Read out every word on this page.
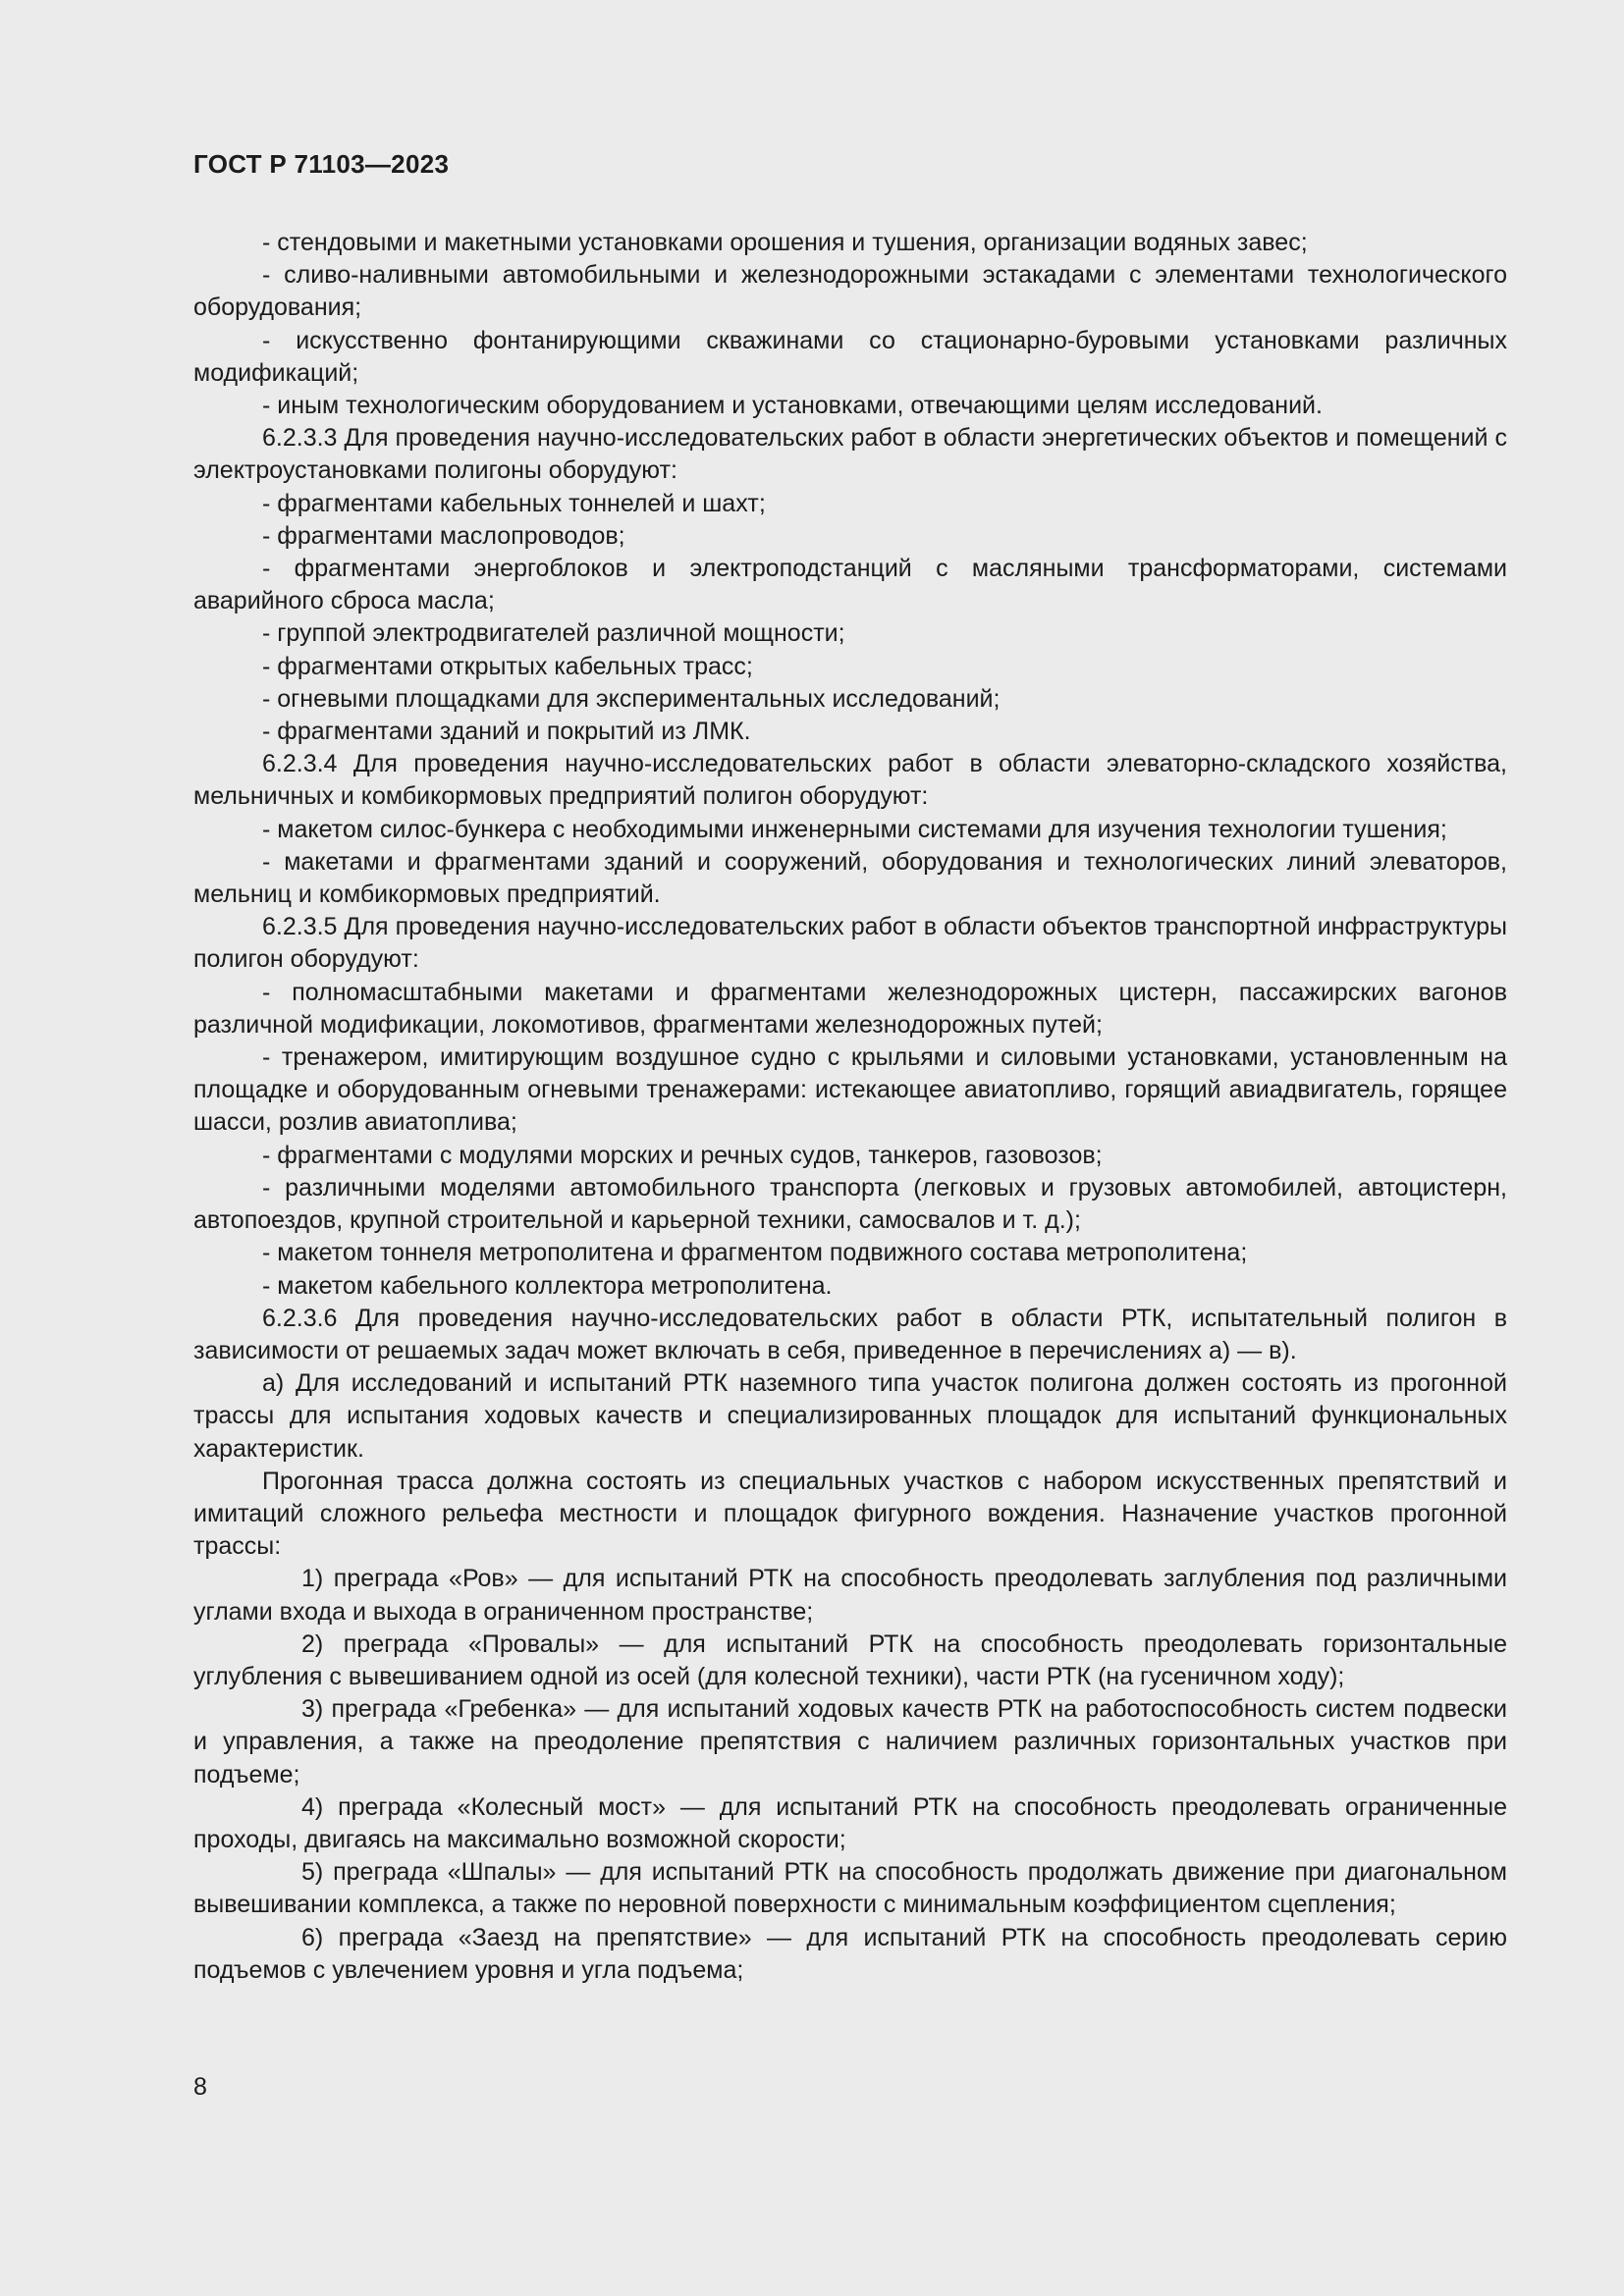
ГОСТ Р 71103—2023

- стендовыми и макетными установками орошения и тушения, организации водяных завес;

- сливо-наливными автомобильными и железнодорожными эстакадами с элементами технологического оборудования;

- искусственно фонтанирующими скважинами со стационарно-буровыми установками различных модификаций;

- иным технологическим оборудованием и установками, отвечающими целям исследований.

6.2.3.3 Для проведения научно-исследовательских работ в области энергетических объектов и помещений с электроустановками полигоны оборудуют:

- фрагментами кабельных тоннелей и шахт;

- фрагментами маслопроводов;

- фрагментами энергоблоков и электроподстанций с масляными трансформаторами, системами аварийного сброса масла;

- группой электродвигателей различной мощности;

- фрагментами открытых кабельных трасс;

- огневыми площадками для экспериментальных исследований;

- фрагментами зданий и покрытий из ЛМК.

6.2.3.4 Для проведения научно-исследовательских работ в области элеваторно-складского хозяйства, мельничных и комбикормовых предприятий полигон оборудуют:

- макетом силос-бункера с необходимыми инженерными системами для изучения технологии тушения;

- макетами и фрагментами зданий и сооружений, оборудования и технологических линий элеваторов, мельниц и комбикормовых предприятий.

6.2.3.5 Для проведения научно-исследовательских работ в области объектов транспортной инфраструктуры полигон оборудуют:

- полномасштабными макетами и фрагментами железнодорожных цистерн, пассажирских вагонов различной модификации, локомотивов, фрагментами железнодорожных путей;

- тренажером, имитирующим воздушное судно с крыльями и силовыми установками, установленным на площадке и оборудованным огневыми тренажерами: истекающее авиатопливо, горящий авиадвигатель, горящее шасси, розлив авиатоплива;

- фрагментами с модулями морских и речных судов, танкеров, газовозов;

- различными моделями автомобильного транспорта (легковых и грузовых автомобилей, автоцистерн, автопоездов, крупной строительной и карьерной техники, самосвалов и т. д.);

- макетом тоннеля метрополитена и фрагментом подвижного состава метрополитена;

- макетом кабельного коллектора метрополитена.

6.2.3.6 Для проведения научно-исследовательских работ в области РТК, испытательный полигон в зависимости от решаемых задач может включать в себя, приведенное в перечислениях а) — в).

а) Для исследований и испытаний РТК наземного типа участок полигона должен состоять из прогонной трассы для испытания ходовых качеств и специализированных площадок для испытаний функциональных характеристик.

Прогонная трасса должна состоять из специальных участков с набором искусственных препятствий и имитаций сложного рельефа местности и площадок фигурного вождения. Назначение участков прогонной трассы:

1) преграда «Ров» — для испытаний РТК на способность преодолевать заглубления под различными углами входа и выхода в ограниченном пространстве;

2) преграда «Провалы» — для испытаний РТК на способность преодолевать горизонтальные углубления с вывешиванием одной из осей (для колесной техники), части РТК (на гусеничном ходу);

3) преграда «Гребенка» — для испытаний ходовых качеств РТК на работоспособность систем подвески и управления, а также на преодоление препятствия с наличием различных горизонтальных участков при подъеме;

4) преграда «Колесный мост» — для испытаний РТК на способность преодолевать ограниченные проходы, двигаясь на максимально возможной скорости;

5) преграда «Шпалы» — для испытаний РТК на способность продолжать движение при диагональном вывешивании комплекса, а также по неровной поверхности с минимальным коэффициентом сцепления;

6) преграда «Заезд на препятствие» — для испытаний РТК на способность преодолевать серию подъемов с увлечением уровня и угла подъема;

8
